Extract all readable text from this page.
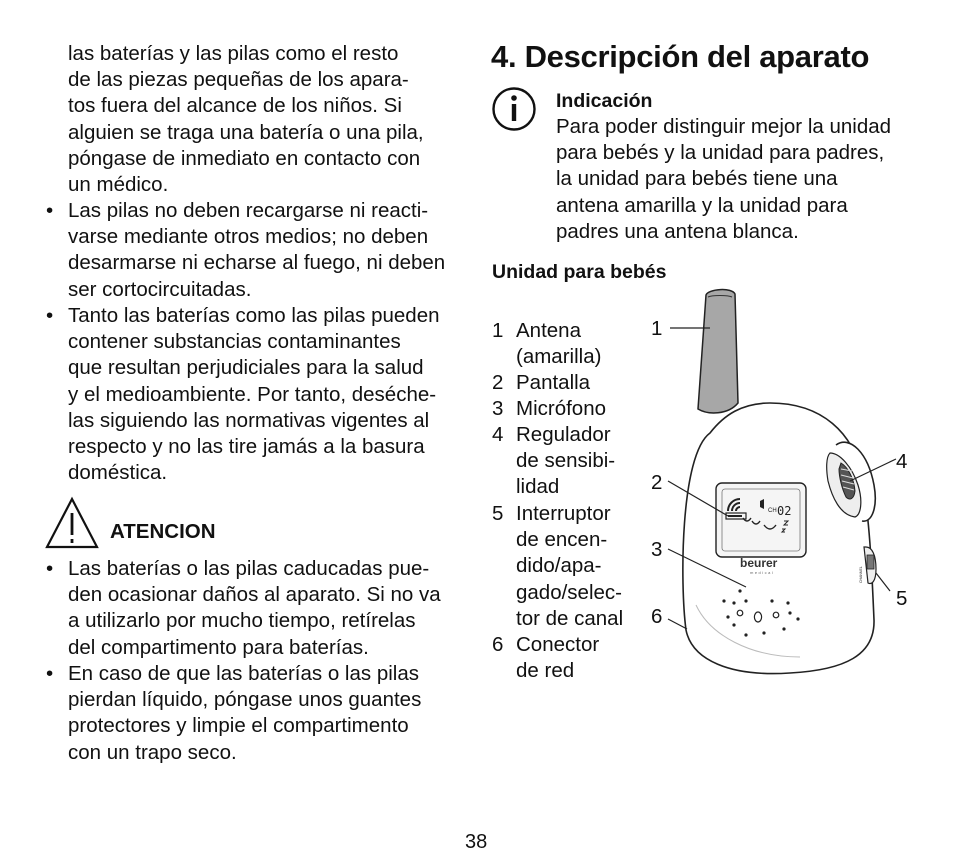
las baterías y las pilas como el resto
de las piezas pequeñas de los apara-
tos fuera del alcance de los niños. Si
alguien se traga una batería o una pila,
póngase de inmediato en contacto con
un médico.
• Las pilas no deben recargarse ni reacti-
varse mediante otros medios; no deben
desarmarse ni echarse al fuego, ni deben
ser cortocircuitadas.
• Tanto las baterías como las pilas pueden
contener substancias contaminantes
que resultan perjudiciales para la salud
y el medioambiente. Por tanto, deséche-
las siguiendo las normativas vigentes al
respecto y no las tire jamás a la basura
doméstica.
ATENCION
• Las baterías o las pilas caducadas pue-
den ocasionar daños al aparato. Si no va
a utilizarlo por mucho tiempo, retírelas
del compartimento para baterías.
• En caso de que las baterías o las pilas
pierdan líquido, póngase unos guantes
protectores y limpie el compartimento
con un trapo seco.
4. Descripción del aparato
Indicación
Para poder distinguir mejor la unidad
para bebés y la unidad para padres,
la unidad para bebés tiene una
antena amarilla y la unidad para
padres una antena blanca.
Unidad para bebés
1 Antena
(amarilla)
2 Pantalla
3 Micrófono
4 Regulador
de sensibi-
lidad
5 Interruptor
de encen-
dido/apa-
gado/selec-
tor de canal
6 Conector
de red
CH 02
beurer
medical	CHANNEL
1
2
3
4
5
6
38
